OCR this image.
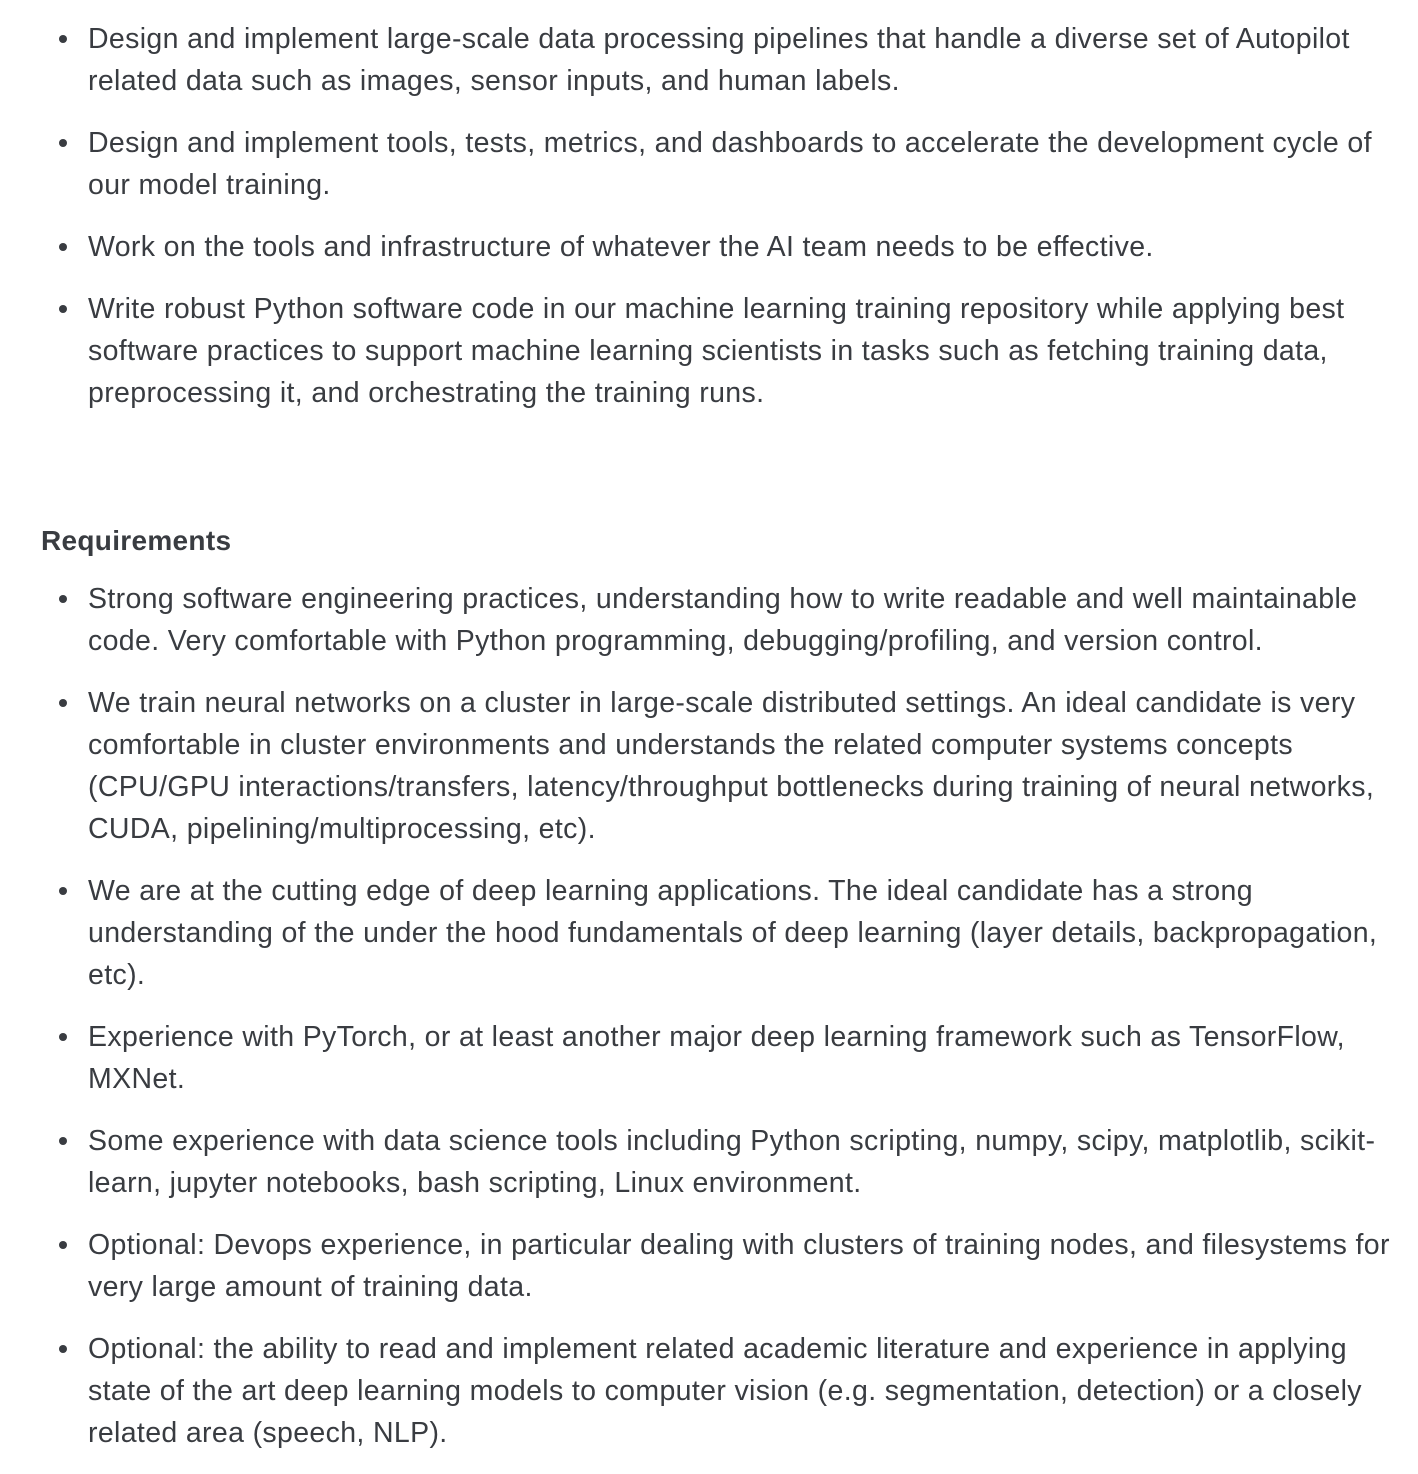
Design and implement large-scale data processing pipelines that handle a diverse set of Autopilot related data such as images, sensor inputs, and human labels.
Design and implement tools, tests, metrics, and dashboards to accelerate the development cycle of our model training.
Work on the tools and infrastructure of whatever the AI team needs to be effective.
Write robust Python software code in our machine learning training repository while applying best software practices to support machine learning scientists in tasks such as fetching training data, preprocessing it, and orchestrating the training runs.
Requirements
Strong software engineering practices, understanding how to write readable and well maintainable code. Very comfortable with Python programming, debugging/profiling, and version control.
We train neural networks on a cluster in large-scale distributed settings. An ideal candidate is very comfortable in cluster environments and understands the related computer systems concepts (CPU/GPU interactions/transfers, latency/throughput bottlenecks during training of neural networks, CUDA, pipelining/multiprocessing, etc).
We are at the cutting edge of deep learning applications. The ideal candidate has a strong understanding of the under the hood fundamentals of deep learning (layer details, backpropagation, etc).
Experience with PyTorch, or at least another major deep learning framework such as TensorFlow, MXNet.
Some experience with data science tools including Python scripting, numpy, scipy, matplotlib, scikit-learn, jupyter notebooks, bash scripting, Linux environment.
Optional: Devops experience, in particular dealing with clusters of training nodes, and filesystems for very large amount of training data.
Optional: the ability to read and implement related academic literature and experience in applying state of the art deep learning models to computer vision (e.g. segmentation, detection) or a closely related area (speech, NLP).
